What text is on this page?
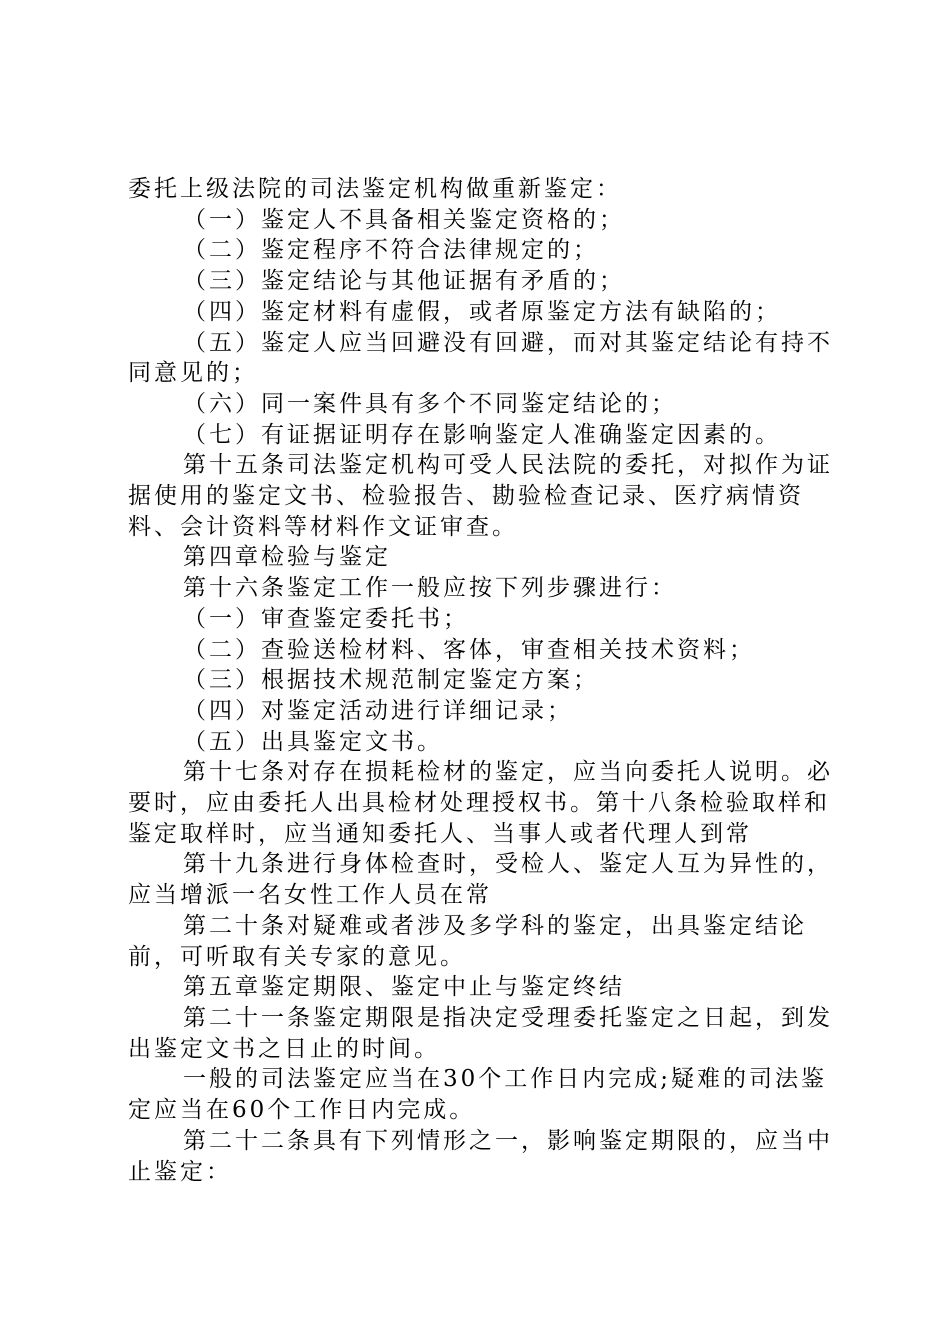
委托上级法院的司法鉴定机构做重新鉴定：

（一）鉴定人不具备相关鉴定资格的；

（二）鉴定程序不符合法律规定的；

（三）鉴定结论与其他证据有矛盾的；

（四）鉴定材料有虚假，或者原鉴定方法有缺陷的；

（五）鉴定人应当回避没有回避，而对其鉴定结论有持不同意见的；

（六）同一案件具有多个不同鉴定结论的；

（七）有证据证明存在影响鉴定人准确鉴定因素的。

第十五条司法鉴定机构可受人民法院的委托，对拟作为证据使用的鉴定文书、检验报告、勘验检查记录、医疗病情资料、会计资料等材料作文证审查。

第四章检验与鉴定

第十六条鉴定工作一般应按下列步骤进行：

（一）审查鉴定委托书；

（二）查验送检材料、客体，审查相关技术资料；

（三）根据技术规范制定鉴定方案；

（四）对鉴定活动进行详细记录；

（五）出具鉴定文书。

第十七条对存在损耗检材的鉴定，应当向委托人说明。必要时，应由委托人出具检材处理授权书。第十八条检验取样和鉴定取样时，应当通知委托人、当事人或者代理人到常

第十九条进行身体检查时，受检人、鉴定人互为异性的，应当增派一名女性工作人员在常

第二十条对疑难或者涉及多学科的鉴定，出具鉴定结论前，可听取有关专家的意见。

第五章鉴定期限、鉴定中止与鉴定终结

第二十一条鉴定期限是指决定受理委托鉴定之日起，到发出鉴定文书之日止的时间。

一般的司法鉴定应当在30个工作日内完成;疑难的司法鉴定应当在60个工作日内完成。

第二十二条具有下列情形之一，影响鉴定期限的，应当中止鉴定：
